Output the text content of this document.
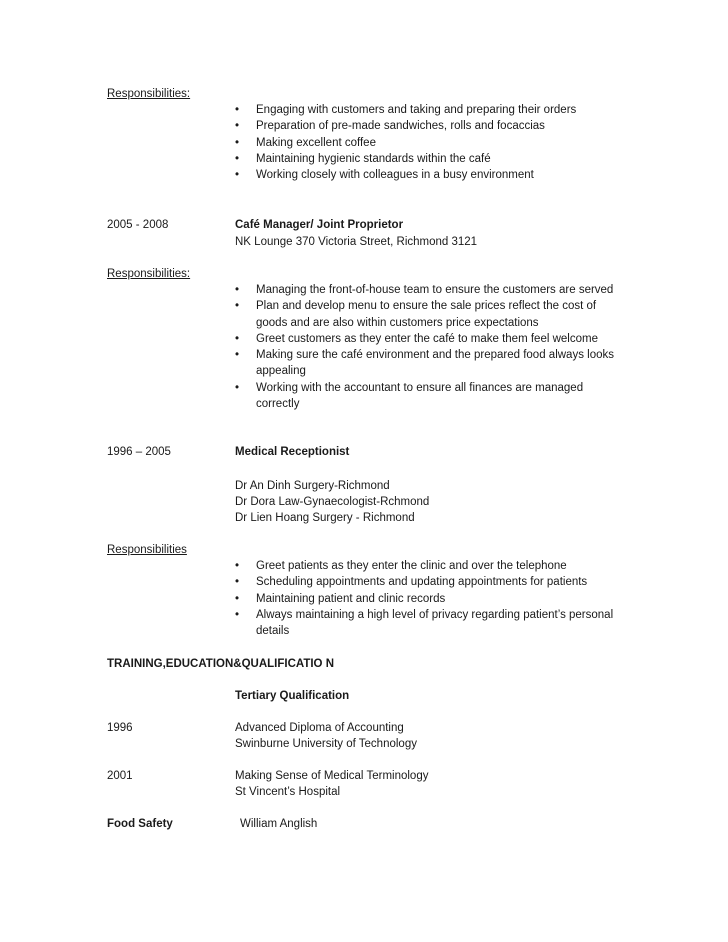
Responsibilities:
• Engaging with customers and taking and preparing their orders
• Preparation of pre-made sandwiches, rolls and focaccias
• Making excellent coffee
• Maintaining hygienic standards within the café
• Working closely with colleagues in a busy environment
2005 - 2008	Café Manager/ Joint Proprietor
NK Lounge 370 Victoria Street, Richmond 3121
Responsibilities:
• Managing the front-of-house team to ensure the customers are served
• Plan and develop menu to ensure the sale prices reflect the cost of goods and are also within customers price expectations
• Greet customers as they enter the café to make them feel welcome
• Making sure the café environment and the prepared food always looks appealing
• Working with the accountant to ensure all finances are managed correctly
1996 – 2005	Medical Receptionist
Dr An Dinh Surgery-Richmond
Dr Dora Law-Gynaecologist-Rchmond
Dr Lien Hoang Surgery - Richmond
Responsibilities
• Greet patients as they enter the clinic and over the telephone
• Scheduling appointments and updating appointments for patients
• Maintaining patient and clinic records
• Always maintaining a high level of privacy regarding patient’s personal details
TRAINING,EDUCATION&QUALIFICATIO N
Tertiary Qualification
1996	Advanced Diploma of Accounting
Swinburne University of Technology
2001	Making Sense of Medical Terminology
St Vincent’s Hospital
Food Safety	William Anglish
